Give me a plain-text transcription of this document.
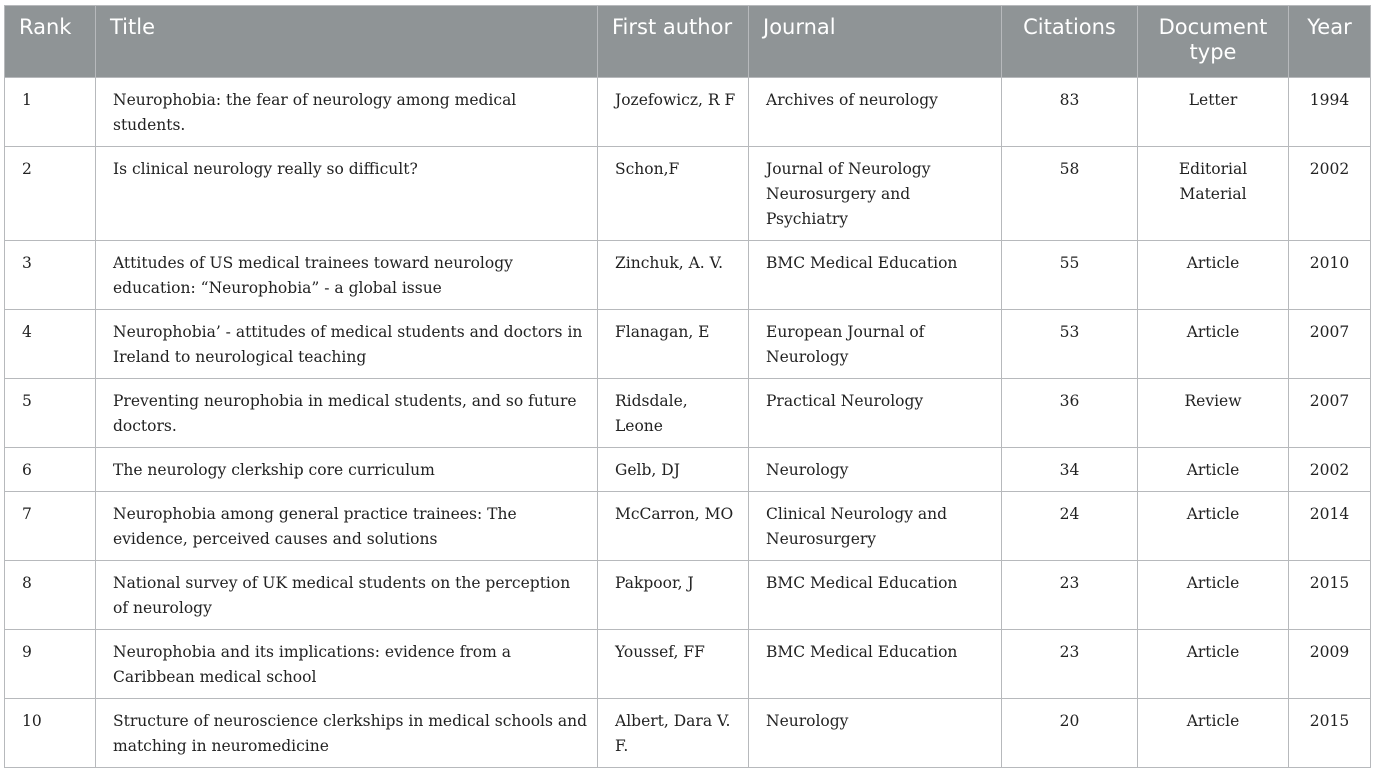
Rank	Title	First author	Journal	Citations	Document type	Year
1	Neurophobia: the fear of neurology among medical students.	Jozefowicz, R F	Archives of neurology	83	Letter	1994
2	Is clinical neurology really so difficult?	Schon,F	Journal of Neurology Neurosurgery and Psychiatry	58	Editorial Material	2002
3	Attitudes of US medical trainees toward neurology education: “Neurophobia” - a global issue	Zinchuk, A. V.	BMC Medical Education	55	Article	2010
4	Neurophobia’ - attitudes of medical students and doctors in Ireland to neurological teaching	Flanagan, E	European Journal of Neurology	53	Article	2007
5	Preventing neurophobia in medical students, and so future doctors.	Ridsdale, Leone	Practical Neurology	36	Review	2007
6	The neurology clerkship core curriculum	Gelb, DJ	Neurology	34	Article	2002
7	Neurophobia among general practice trainees: The evidence, perceived causes and solutions	McCarron, MO	Clinical Neurology and Neurosurgery	24	Article	2014
8	National survey of UK medical students on the perception of neurology	Pakpoor, J	BMC Medical Education	23	Article	2015
9	Neurophobia and its implications: evidence from a Caribbean medical school	Youssef, FF	BMC Medical Education	23	Article	2009
10	Structure of neuroscience clerkships in medical schools and matching in neuromedicine	Albert, Dara V. F.	Neurology	20	Article	2015
